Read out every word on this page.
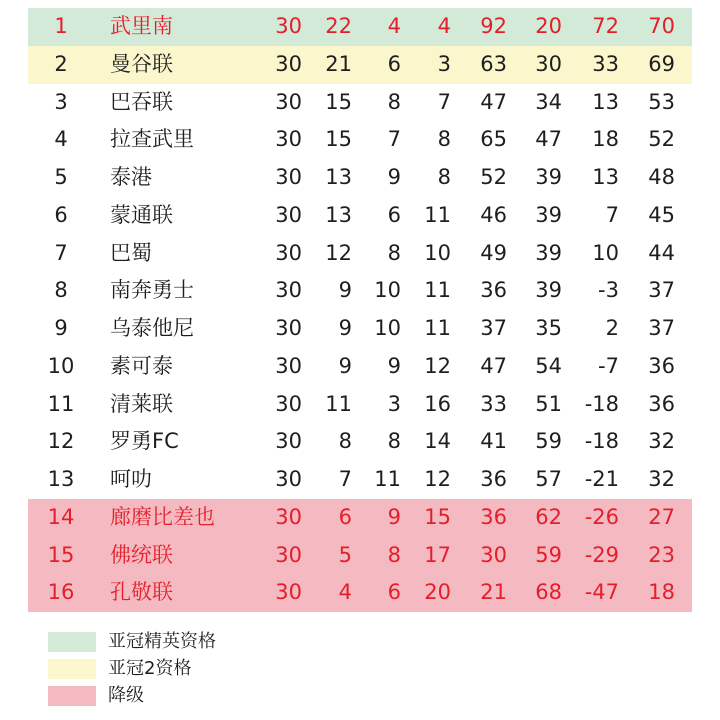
1	武里南	30 22 4 4 92 20 72 70
2	曼谷联	30 21 6 3 63 30 33 69
3	巴吞联	30 15 8 7 47 34 13 53
4	拉查武里	30 15 7 8 65 47 18 52
5	泰港	30 13 9 8 52 39 13 48
6	蒙通联	30 13 6 11 46 39 7 45
7	巴蜀	30 12 8 10 49 39 10 44
8	南奔勇士	30 9 10 11 36 39 -3 37
9	乌泰他尼	30 9 10 11 37 35 2 37
10	素可泰	30 9 9 12 47 54 -7 36
11	清莱联	30 11 3 16 33 51 -18 36
12	罗勇FC	30 8 8 14 41 59 -18 32
13	呵叻	30 7 11 12 36 57 -21 32
14	廊磨比差也	30 6 9 15 36 62 -26 27
15	佛统联	30 5 8 17 30 59 -29 23
16	孔敬联	30 4 6 20 21 68 -47 18
亚冠精英资格
亚冠2资格
降级
